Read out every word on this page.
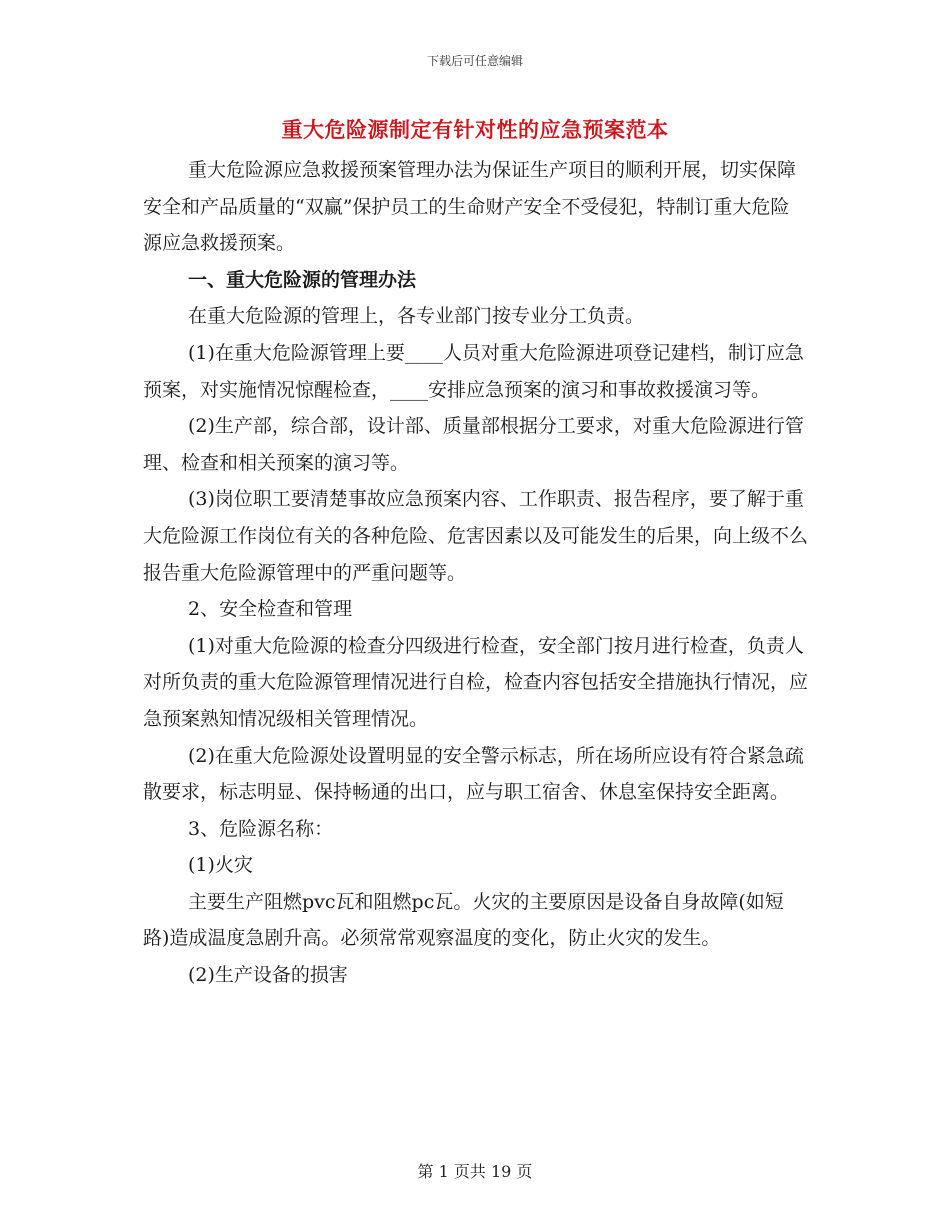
下载后可任意编辑
重大危险源制定有针对性的应急预案范本

重大危险源应急救援预案管理办法为保证生产项目的顺利开展，切实保障安全和产品质量的“双赢”保护员工的生命财产安全不受侵犯，特制订重大危险源应急救援预案。

一、重大危险源的管理办法

在重大危险源的管理上，各专业部门按专业分工负责。

(1)在重大危险源管理上要____人员对重大危险源进项登记建档，制订应急预案，对实施情况惊醒检查，____安排应急预案的演习和事故救援演习等。

(2)生产部，综合部，设计部、质量部根据分工要求，对重大危险源进行管理、检查和相关预案的演习等。

(3)岗位职工要清楚事故应急预案内容、工作职责、报告程序，要了解于重大危险源工作岗位有关的各种危险、危害因素以及可能发生的后果，向上级不么报告重大危险源管理中的严重问题等。

2、安全检查和管理

(1)对重大危险源的检查分四级进行检查，安全部门按月进行检查，负责人对所负责的重大危险源管理情况进行自检，检查内容包括安全措施执行情况，应急预案熟知情况级相关管理情况。

(2)在重大危险源处设置明显的安全警示标志，所在场所应设有符合紧急疏散要求，标志明显、保持畅通的出口，应与职工宿舍、休息室保持安全距离。

3、危险源名称：

(1)火灾

主要生产阻燃pvc瓦和阻燃pc瓦。火灾的主要原因是设备自身故障(如短路)造成温度急剧升高。必须常常观察温度的变化，防止火灾的发生。

(2)生产设备的损害

第 1 页共 19 页
